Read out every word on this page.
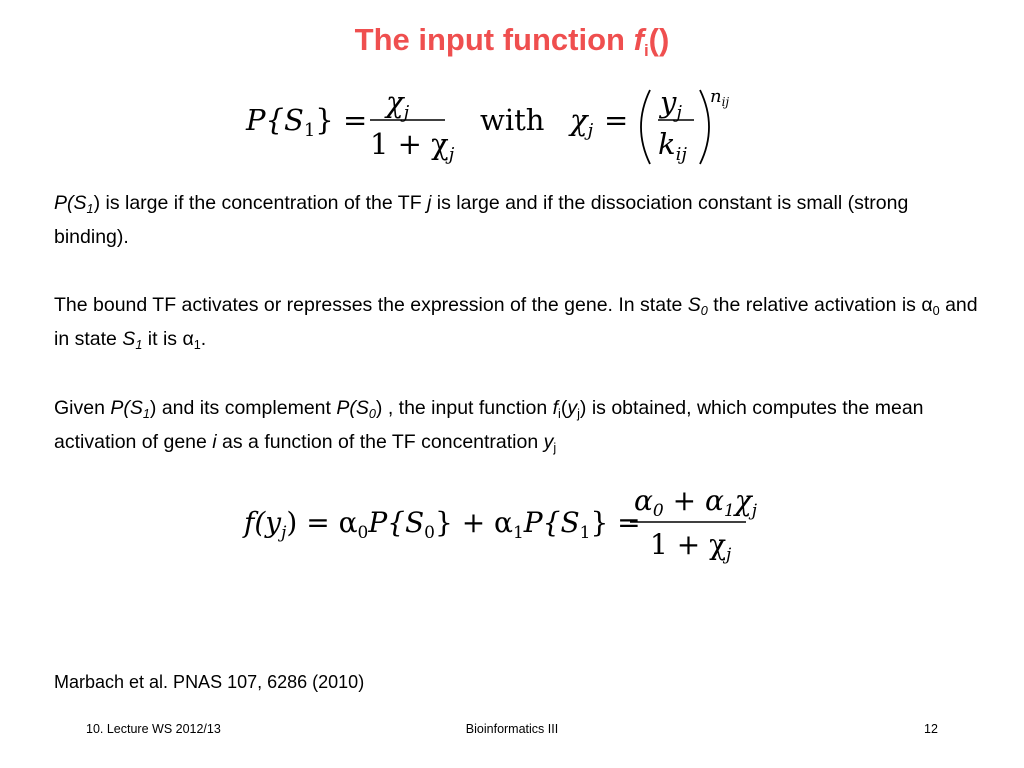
The input function $f_i()$
$P\{S_1\}$ =
$\chi_j$
$1 + \chi_j$
with $\chi_j$ =
$y_j$
$k_{ij}$
$n_{ij}$
$P(S_1)$ is large if the concentration of the TF j is large and if the dissociation constant is small (strong binding).
The bound TF activates or represses the expression of the gene. In state $S_0$ the relative activation is $\alpha_0$ and in state $S_1$ it is $\alpha_1$.
Given $P(S_1)$ and its complement $P(S_0)$ , the input function $f_i(y_j)$ is obtained, which computes the mean activation of gene i as a function of the TF concentration $y_j$
$f(y_j) = \alpha_0P\{S_0\} + \alpha_1P\{S_1\}$ =
$\alpha_0 + \alpha_1\chi_j$
$1 + \chi_j$
Marbach et al. PNAS 107, 6286 (2010)
10. Lecture WS 2012/13	Bioinformatics III	12
